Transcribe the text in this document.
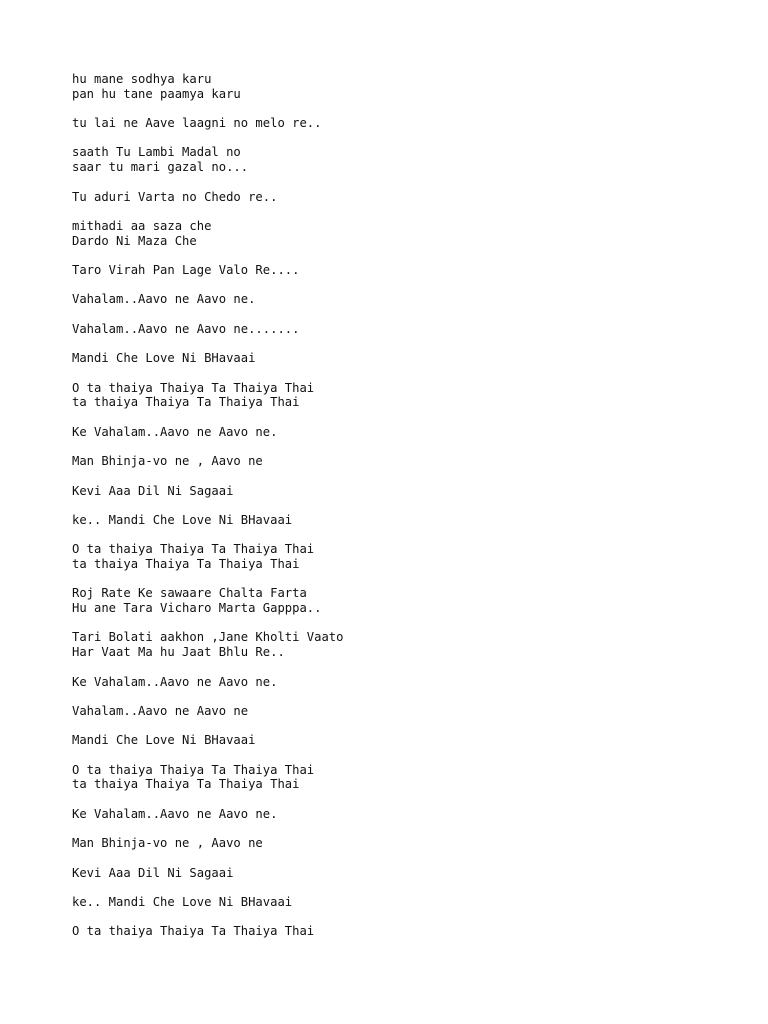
hu mane sodhya karu
pan hu tane paamya karu
tu lai ne Aave laagni no melo re..
saath Tu Lambi Madal no
saar tu mari gazal no...
Tu aduri Varta no Chedo re..
mithadi aa saza che
Dardo Ni Maza Che
Taro Virah Pan Lage Valo Re....
Vahalam..Aavo ne Aavo ne.
Vahalam..Aavo ne Aavo ne.......
Mandi Che Love Ni BHavaai
O ta thaiya Thaiya Ta Thaiya Thai
ta thaiya Thaiya Ta Thaiya Thai
Ke Vahalam..Aavo ne Aavo ne.
Man Bhinja-vo ne , Aavo ne
Kevi Aaa Dil Ni Sagaai
ke.. Mandi Che Love Ni BHavaai
O ta thaiya Thaiya Ta Thaiya Thai
ta thaiya Thaiya Ta Thaiya Thai
Roj Rate Ke sawaare Chalta Farta
Hu ane Tara Vicharo Marta Gapppa..
Tari Bolati aakhon ,Jane Kholti Vaato
Har Vaat Ma hu Jaat Bhlu Re..
Ke Vahalam..Aavo ne Aavo ne.
Vahalam..Aavo ne Aavo ne
Mandi Che Love Ni BHavaai
O ta thaiya Thaiya Ta Thaiya Thai
ta thaiya Thaiya Ta Thaiya Thai
Ke Vahalam..Aavo ne Aavo ne.
Man Bhinja-vo ne , Aavo ne
Kevi Aaa Dil Ni Sagaai
ke.. Mandi Che Love Ni BHavaai
O ta thaiya Thaiya Ta Thaiya Thai
